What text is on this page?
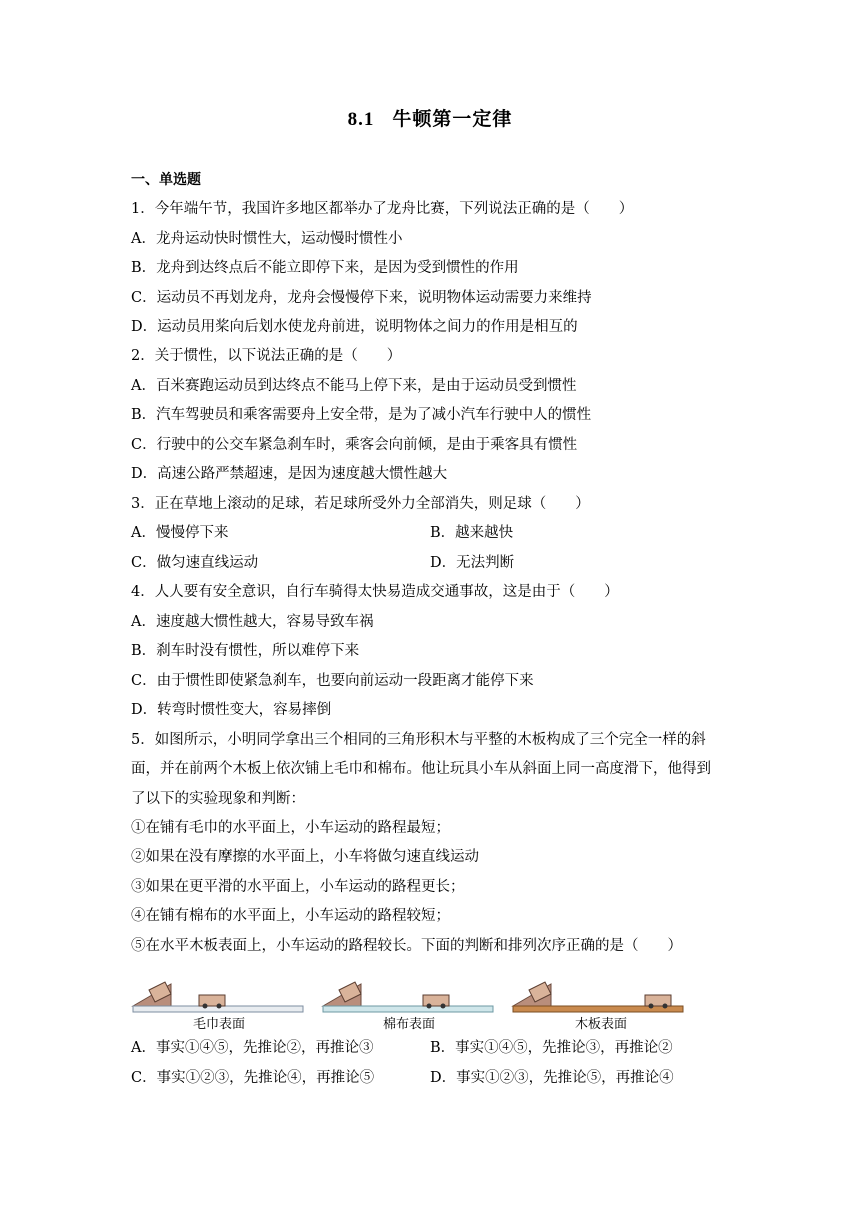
8.1 牛顿第一定律
一、单选题
1．今年端午节，我国许多地区都举办了龙舟比赛，下列说法正确的是（　　）
A．龙舟运动快时惯性大，运动慢时惯性小
B．龙舟到达终点后不能立即停下来，是因为受到惯性的作用
C．运动员不再划龙舟，龙舟会慢慢停下来，说明物体运动需要力来维持
D．运动员用桨向后划水使龙舟前进，说明物体之间力的作用是相互的
2．关于惯性，以下说法正确的是（　　）
A．百米赛跑运动员到达终点不能马上停下来，是由于运动员受到惯性
B．汽车驾驶员和乘客需要舟上安全带，是为了减小汽车行驶中人的惯性
C．行驶中的公交车紧急刹车时，乘客会向前倾，是由于乘客具有惯性
D．高速公路严禁超速，是因为速度越大惯性越大
3．正在草地上滚动的足球，若足球所受外力全部消失，则足球（　　）
A．慢慢停下来	B．越来越快
C．做匀速直线运动	D．无法判断
4．人人要有安全意识，自行车骑得太快易造成交通事故，这是由于（　　）
A．速度越大惯性越大，容易导致车祸
B．刹车时没有惯性，所以难停下来
C．由于惯性即使紧急刹车，也要向前运动一段距离才能停下来
D．转弯时惯性变大，容易摔倒
5．如图所示，小明同学拿出三个相同的三角形积木与平整的木板构成了三个完全一样的斜
面，并在前两个木板上依次铺上毛巾和棉布。他让玩具小车从斜面上同一高度滑下，他得到
了以下的实验现象和判断：
①在铺有毛巾的水平面上，小车运动的路程最短；
②如果在没有摩擦的水平面上，小车将做匀速直线运动
③如果在更平滑的水平面上，小车运动的路程更长；
④在铺有棉布的水平面上，小车运动的路程较短；
⑤在水平木板表面上，小车运动的路程较长。下面的判断和排列次序正确的是（　　）
毛巾表面	棉布表面	木板表面
A．事实①④⑤，先推论②，再推论③	B．事实①④⑤，先推论③，再推论②
C．事实①②③，先推论④，再推论⑤	D．事实①②③，先推论⑤，再推论④
